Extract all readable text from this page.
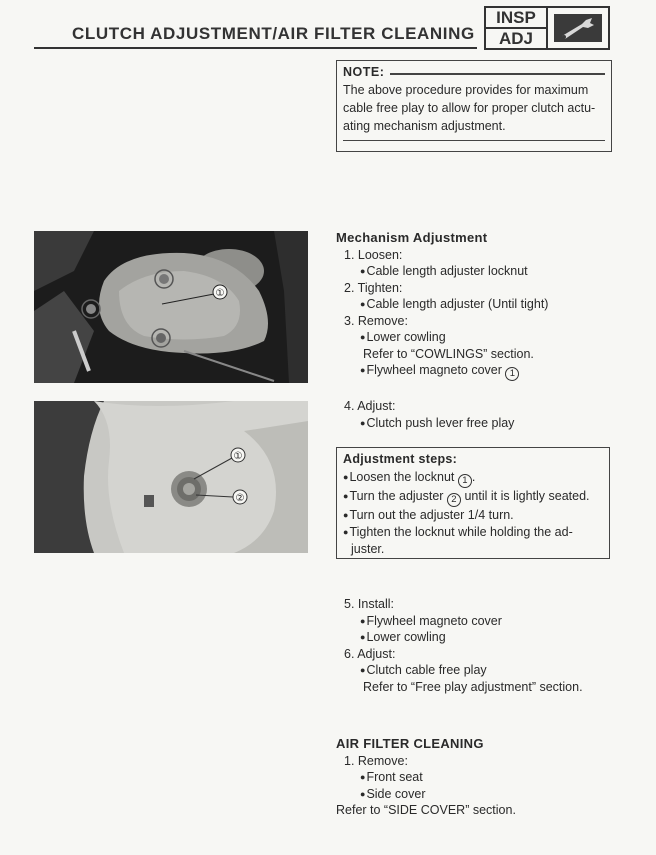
CLUTCH ADJUSTMENT/AIR FILTER CLEANING
INSP
ADJ
NOTE:
The above procedure provides for maximum
cable free play to allow for proper clutch actu-
ating mechanism adjustment.
①
①
②
Mechanism Adjustment
1. Loosen:
●Cable length adjuster locknut
2. Tighten:
●Cable length adjuster (Until tight)
3. Remove:
●Lower cowling
Refer to “COWLINGS” section.
●Flywheel magneto cover 1
4. Adjust:
●Clutch push lever free play
Adjustment steps:
●Loosen the locknut 1 .
●Turn the adjuster 2 until it is lightly seated.
●Turn out the adjuster 1/4 turn.
●Tighten the locknut while holding the ad-
juster.
5. Install:
●Flywheel magneto cover
●Lower cowling
6. Adjust:
●Clutch cable free play
Refer to “Free play adjustment” section.
AIR FILTER CLEANING
1. Remove:
●Front seat
●Side cover
Refer to “SIDE COVER” section.
